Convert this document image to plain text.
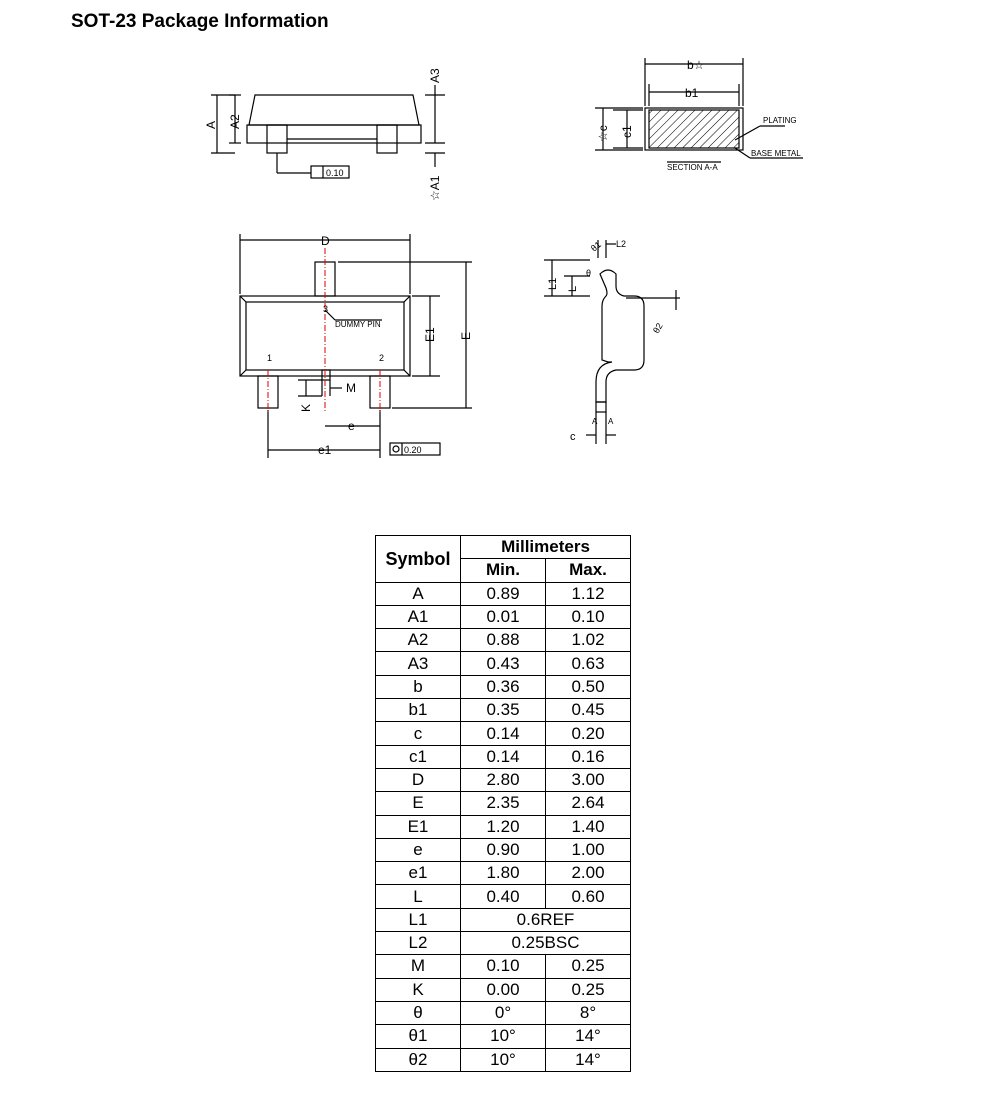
SOT-23 Package Information
A A2
A3
☆A1
0.10
b☆
b1
☆c c1
PLATING
BASE METAL
SECTION A-A
D
E
E1
e
e1
M
K
1	2
3
DUMMY PIN
0.20
L
L1
L2
θ
θ1
θ2
c
A A
Symbol	Millimeters	
	Min.	Max.
A	0.89	1.12
A1	0.01	0.10
A2	0.88	1.02
A3	0.43	0.63
b	0.36	0.50
b1	0.35	0.45
c	0.14	0.20
c1	0.14	0.16
D	2.80	3.00
E	2.35	2.64
E1	1.20	1.40
e	0.90	1.00
e1	1.80	2.00
L	0.40	0.60
L1	0.6REF	
L2	0.25BSC	
M	0.10	0.25
K	0.00	0.25
θ	0°	8°
θ1	10°	14°
θ2	10°	14°
